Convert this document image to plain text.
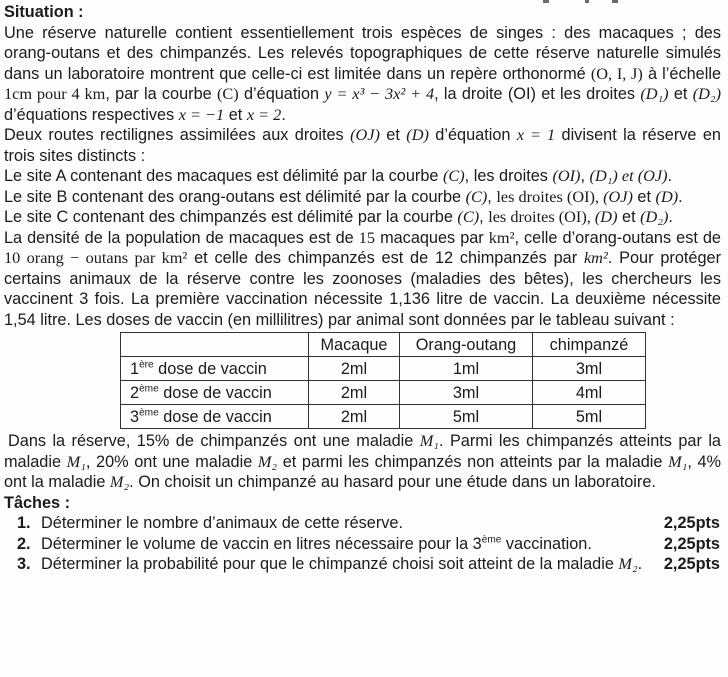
Situation :

Une réserve naturelle contient essentiellement trois espèces de singes : des macaques ; des orang-outans et des chimpanzés. Les relevés topographiques de cette réserve naturelle simulés dans un laboratoire montrent que celle-ci est limitée dans un repère orthonormé (O, I, J) à l’échelle 1cm pour 4 km, par la courbe (C) d’équation y = x³ − 3x² + 4, la droite (OI) et les droites (D₁) et (D₂) d’équations respectives x = −1 et x = 2.

Deux routes rectilignes assimilées aux droites (OJ) et (D) d’équation x = 1 divisent la réserve en trois sites distincts :

Le site A contenant des macaques est délimité par la courbe (C), les droites (OI), (D₁) et (OJ).

Le site B contenant des orang-outans est délimité par la courbe (C), les droites (OI), (OJ) et (D).

Le site C contenant des chimpanzés est délimité par la courbe (C), les droites (OI), (D) et (D₂).

La densité de la population de macaques est de 15 macaques par km², celle d’orang-outans est de 10 orang − outans par km² et celle des chimpanzés est de 12 chimpanzés par km². Pour protéger certains animaux de la réserve contre les zoonoses (maladies des bêtes), les chercheurs les vaccinent 3 fois. La première vaccination nécessite 1,136 litre de vaccin. La deuxième nécessite 1,54 litre. Les doses de vaccin (en millilitres) par animal sont données par le tableau suivant :

	Macaque	Orang-outang	chimpanzé
1ère dose de vaccin	2ml	1ml	3ml
2ème dose de vaccin	2ml	3ml	4ml
3ème dose de vaccin	2ml	5ml	5ml

Dans la réserve, 15% de chimpanzés ont une maladie M₁. Parmi les chimpanzés atteints par la maladie M₁, 20% ont une maladie M₂ et parmi les chimpanzés non atteints par la maladie M₁, 4% ont la maladie M₂. On choisit un chimpanzé au hasard pour une étude dans un laboratoire.

Tâches :
1. Déterminer le nombre d’animaux de cette réserve.	2,25pts
2. Déterminer le volume de vaccin en litres nécessaire pour la 3ème vaccination.	2,25pts
3. Déterminer la probabilité pour que le chimpanzé choisi soit atteint de la maladie M₂. 2,25pts
